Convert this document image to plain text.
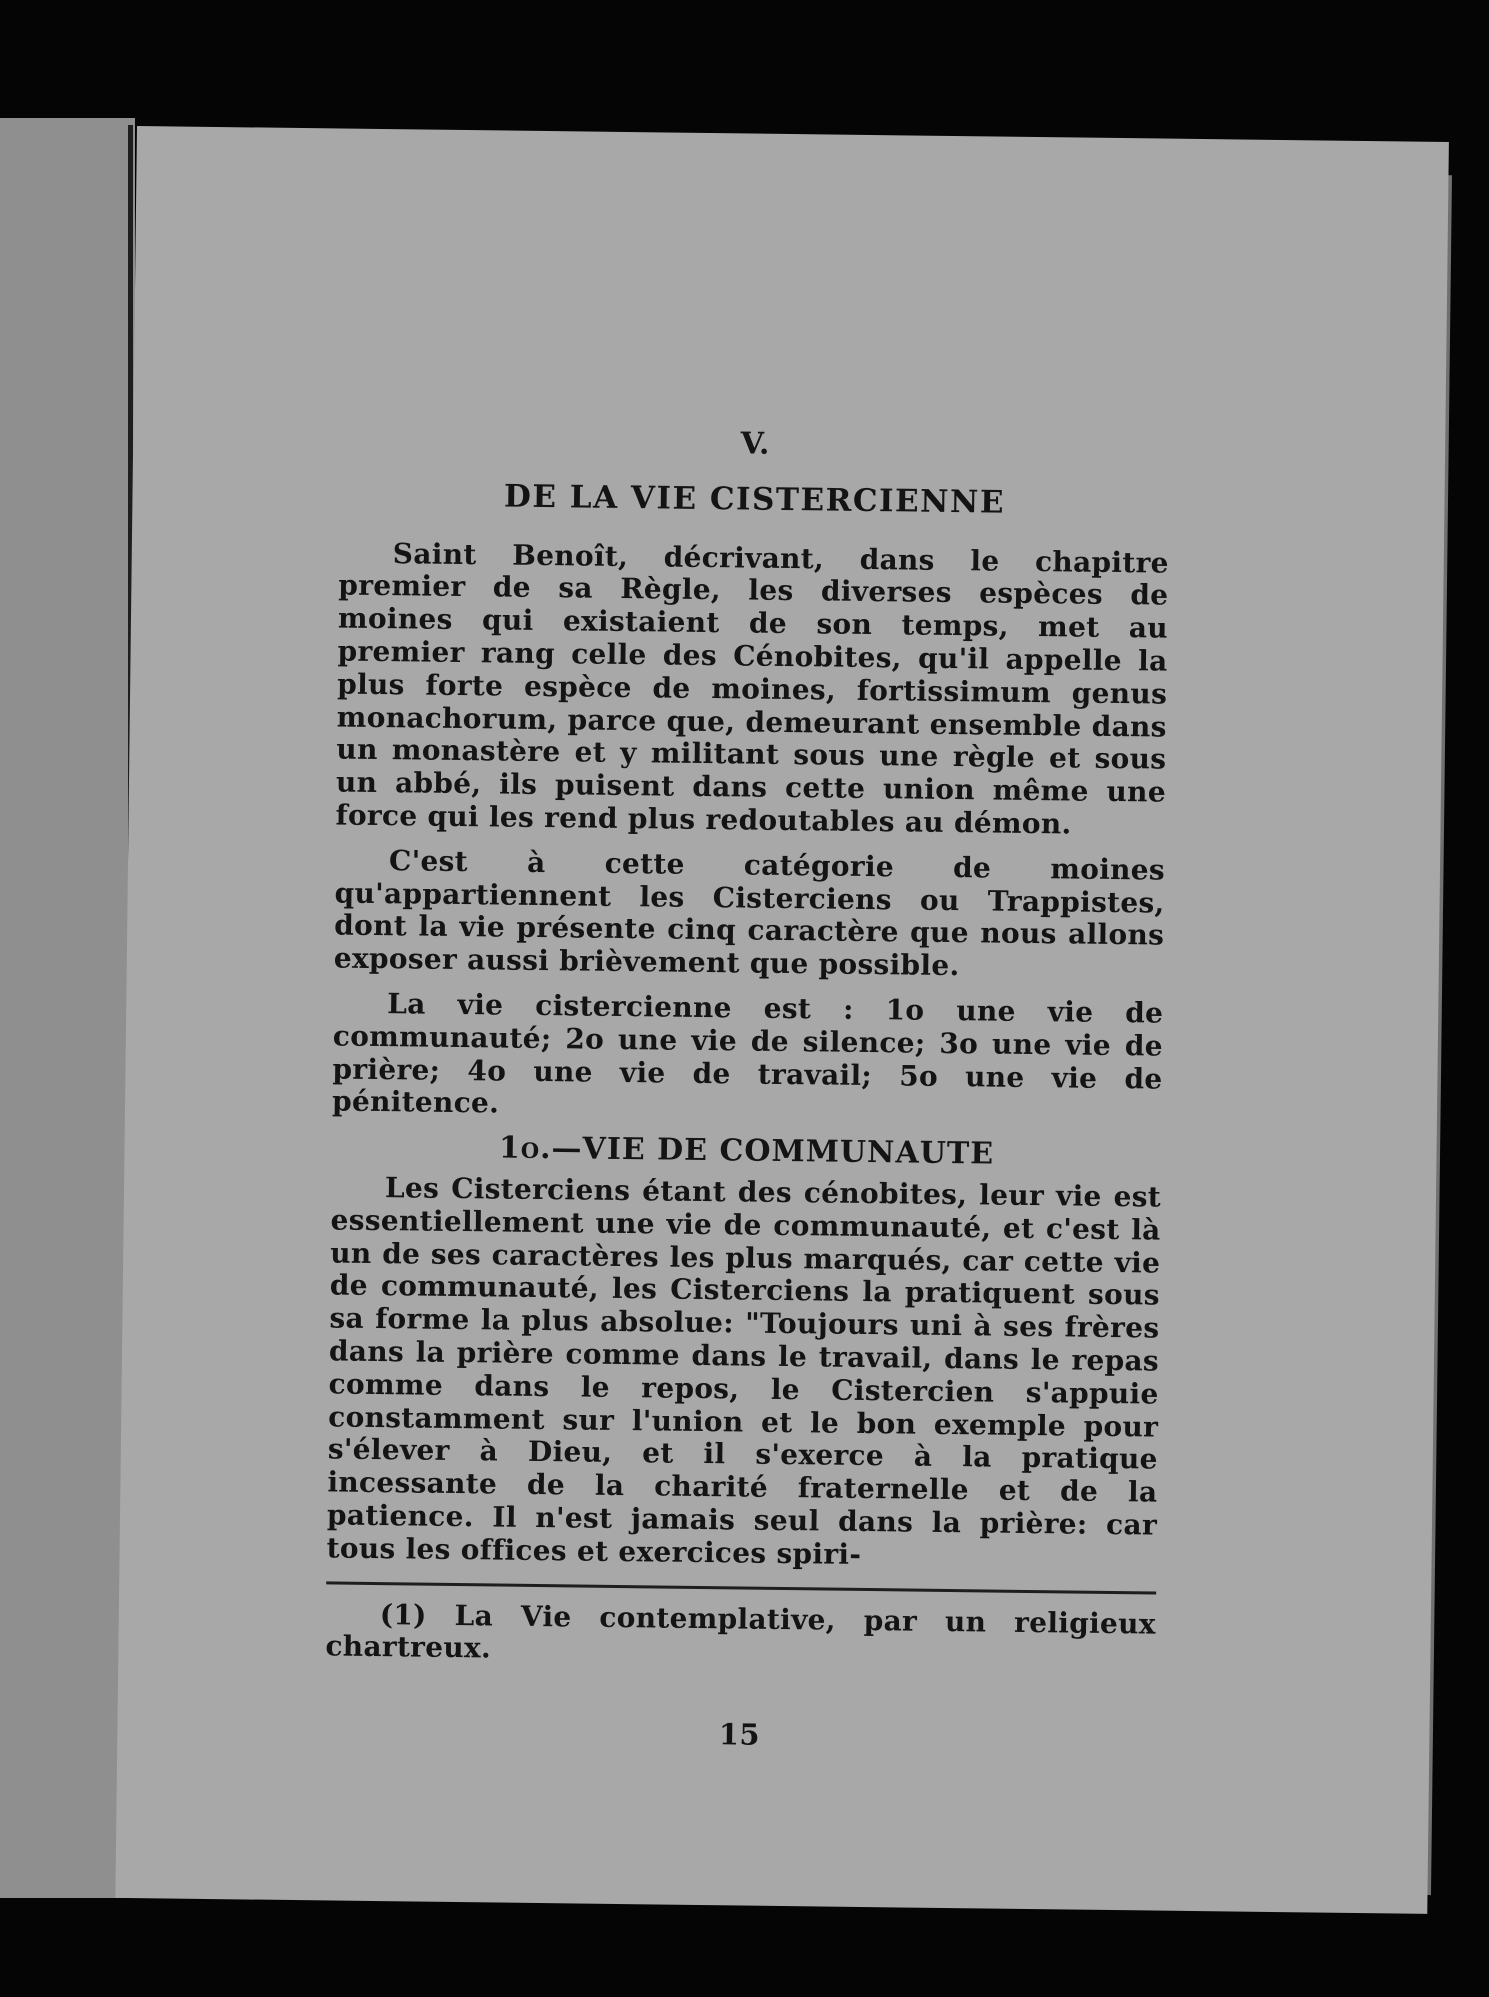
V.
DE LA VIE CISTERCIENNE

Saint Benoît, décrivant, dans le chapitre premier de sa Règle, les diverses espèces de moines qui existaient de son temps, met au premier rang celle des Cénobites, qu'il appelle la plus forte espèce de moines, fortissimum genus monachorum, parce que, demeurant ensemble dans un monastère et y militant sous une règle et sous un abbé, ils puisent dans cette union même une force qui les rend plus redoutables au démon.

C'est à cette catégorie de moines qu'appartiennent les Cisterciens ou Trappistes, dont la vie présente cinq caractère que nous allons exposer aussi brièvement que possible.

La vie cistercienne est : 1o une vie de communauté; 2o une vie de silence; 3o une vie de prière; 4o une vie de travail; 5o une vie de pénitence.

1o.—VIE DE COMMUNAUTE

Les Cisterciens étant des cénobites, leur vie est essentiellement une vie de communauté, et c'est là un de ses caractères les plus marqués, car cette vie de communauté, les Cisterciens la pratiquent sous sa forme la plus absolue: "Toujours uni à ses frères dans la prière comme dans le travail, dans le repas comme dans le repos, le Cistercien s'appuie constamment sur l'union et le bon exemple pour s'élever à Dieu, et il s'exerce à la pratique incessante de la charité fraternelle et de la patience. Il n'est jamais seul dans la prière: car tous les offices et exercices spiri-

(1) La Vie contemplative, par un religieux chartreux.

15
